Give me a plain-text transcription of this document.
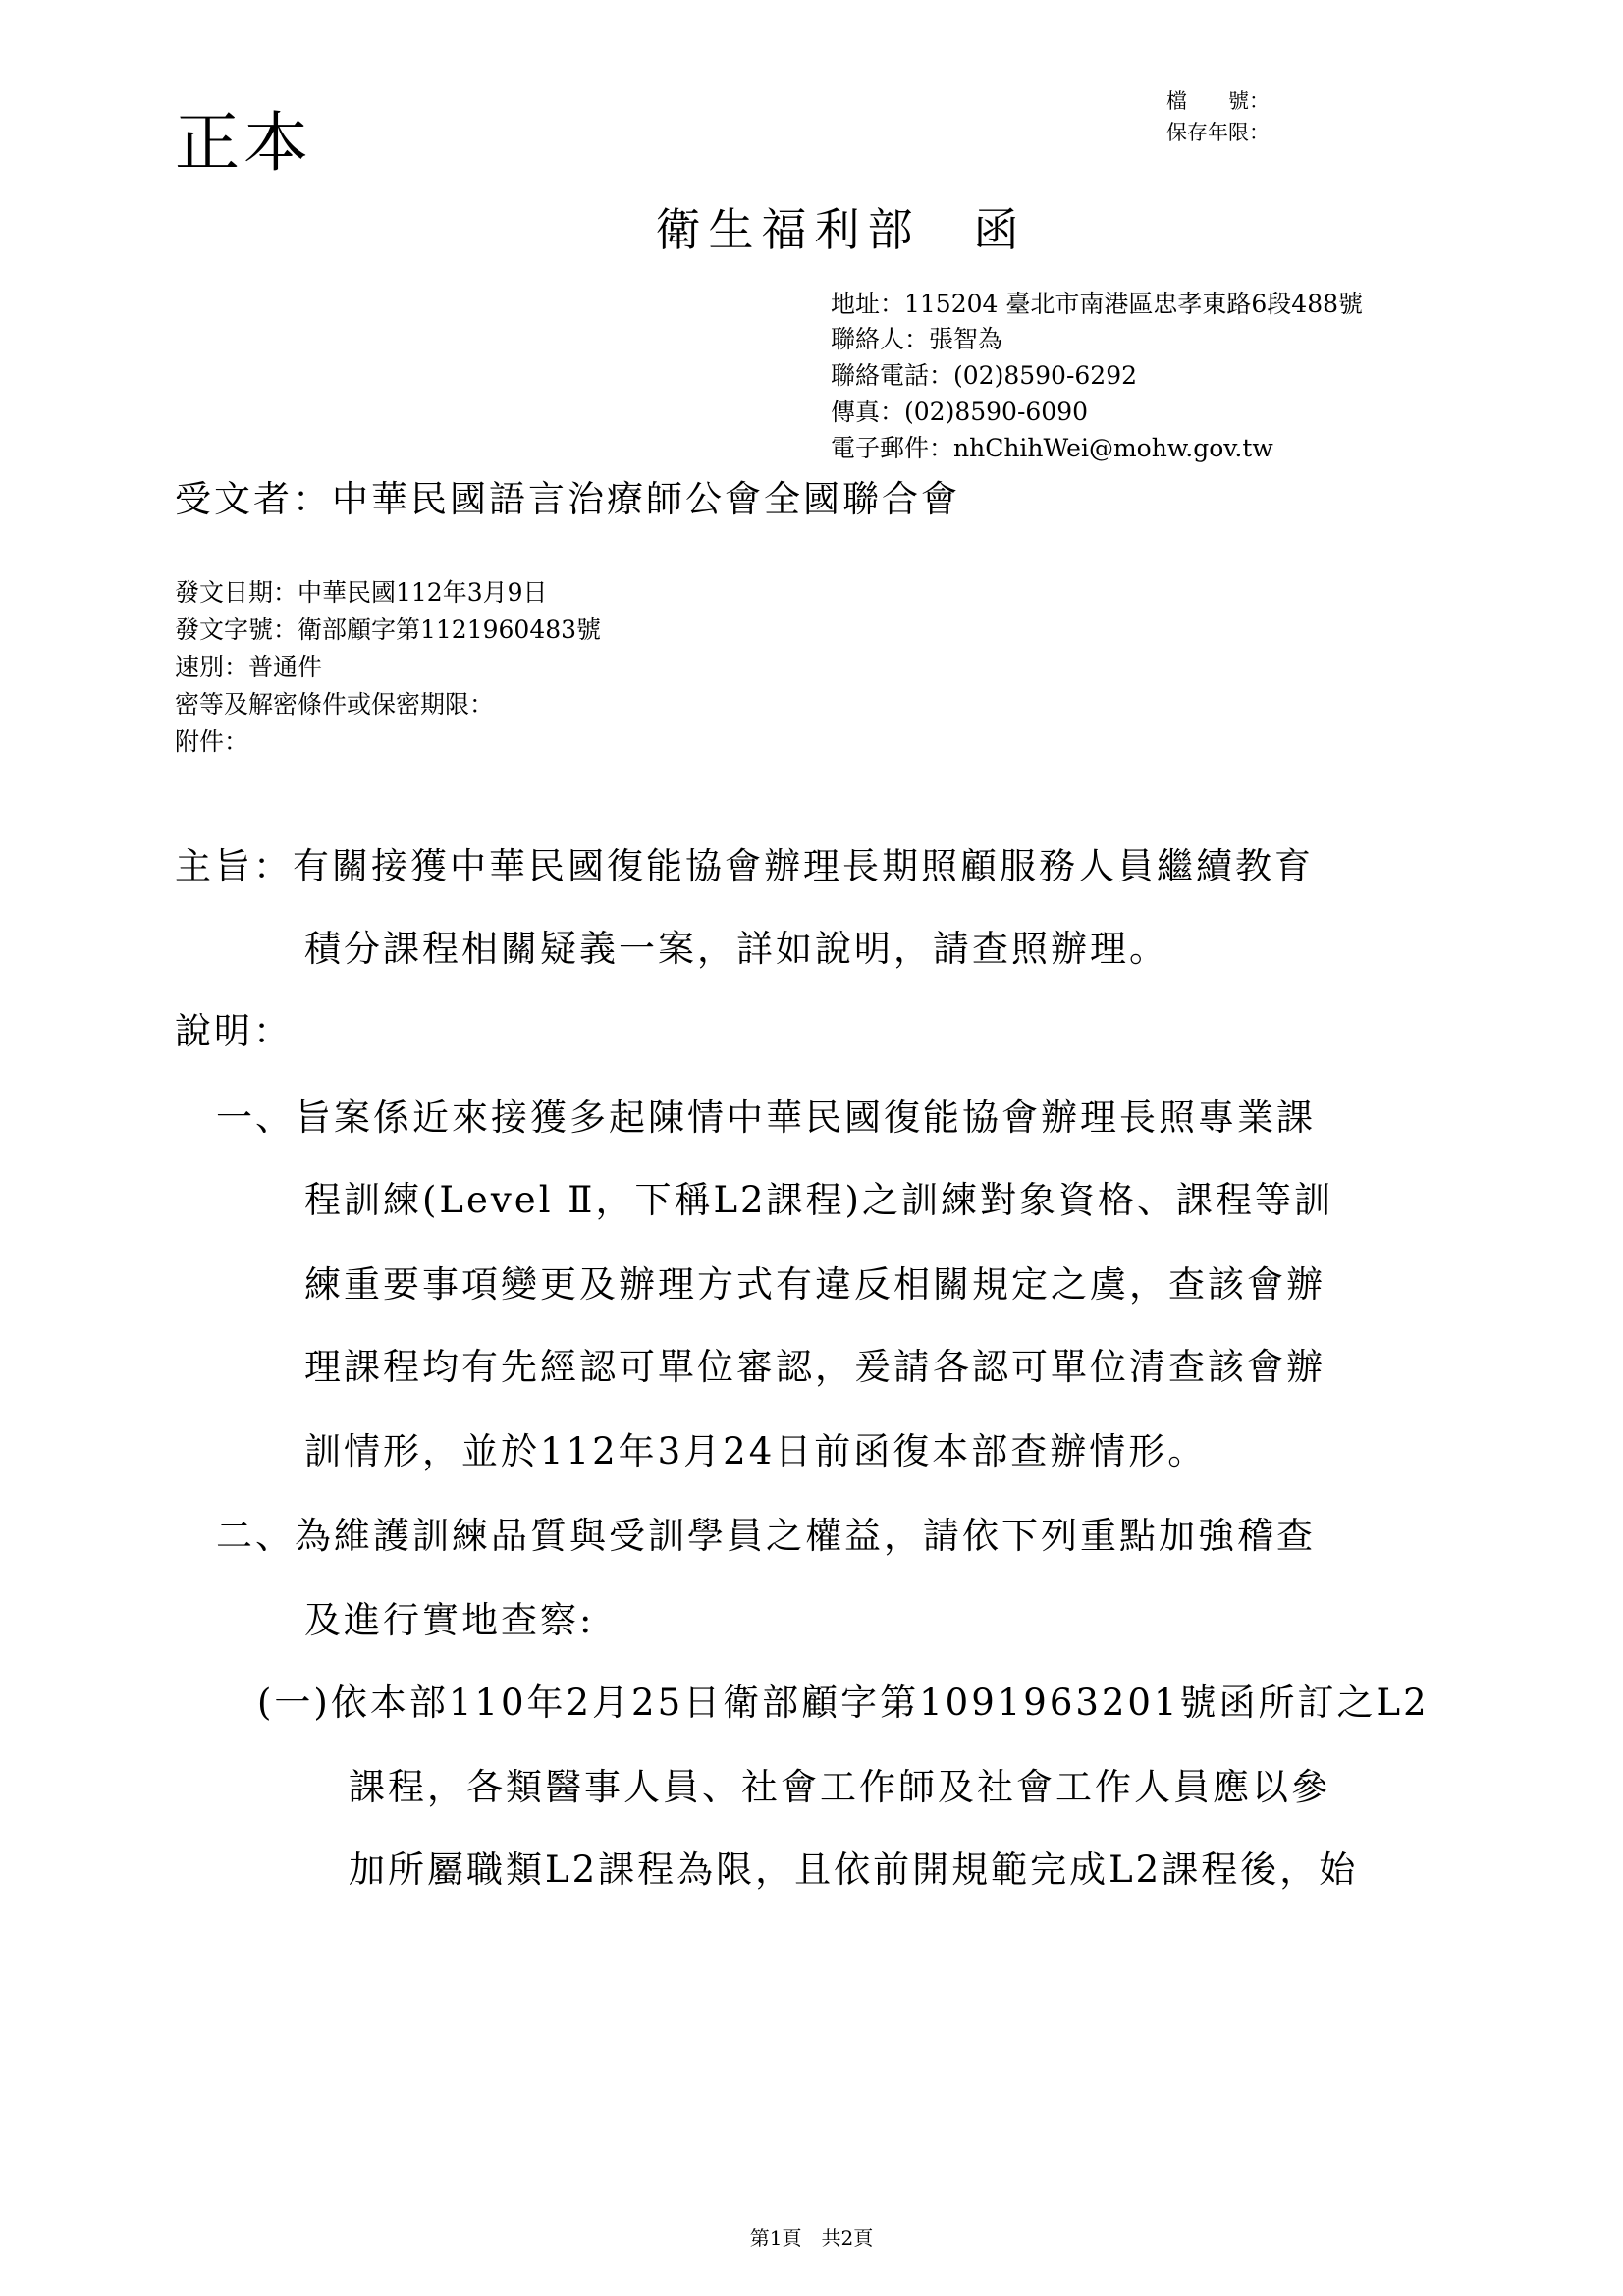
正本
檔　　號：
保存年限：
衛生福利部　函
地址：115204 臺北市南港區忠孝東路6段488號
聯絡人：張智為
聯絡電話：(02)8590-6292
傳真：(02)8590-6090
電子郵件：nhChihWei@mohw.gov.tw
受文者：中華民國語言治療師公會全國聯合會
發文日期：中華民國112年3月9日
發文字號：衛部顧字第1121960483號
速別：普通件
密等及解密條件或保密期限：
附件：
主旨：有關接獲中華民國復能協會辦理長期照顧服務人員繼續教育
積分課程相關疑義一案，詳如說明，請查照辦理。
說明：
一、旨案係近來接獲多起陳情中華民國復能協會辦理長照專業課
程訓練(Level Ⅱ，下稱L2課程)之訓練對象資格、課程等訓
練重要事項變更及辦理方式有違反相關規定之虞，查該會辦
理課程均有先經認可單位審認，爰請各認可單位清查該會辦
訓情形，並於112年3月24日前函復本部查辦情形。
二、為維護訓練品質與受訓學員之權益，請依下列重點加強稽查
及進行實地查察:
(一)依本部110年2月25日衛部顧字第1091963201號函所訂之L2
課程，各類醫事人員、社會工作師及社會工作人員應以參
加所屬職類L2課程為限，且依前開規範完成L2課程後，始
第1頁　共2頁
